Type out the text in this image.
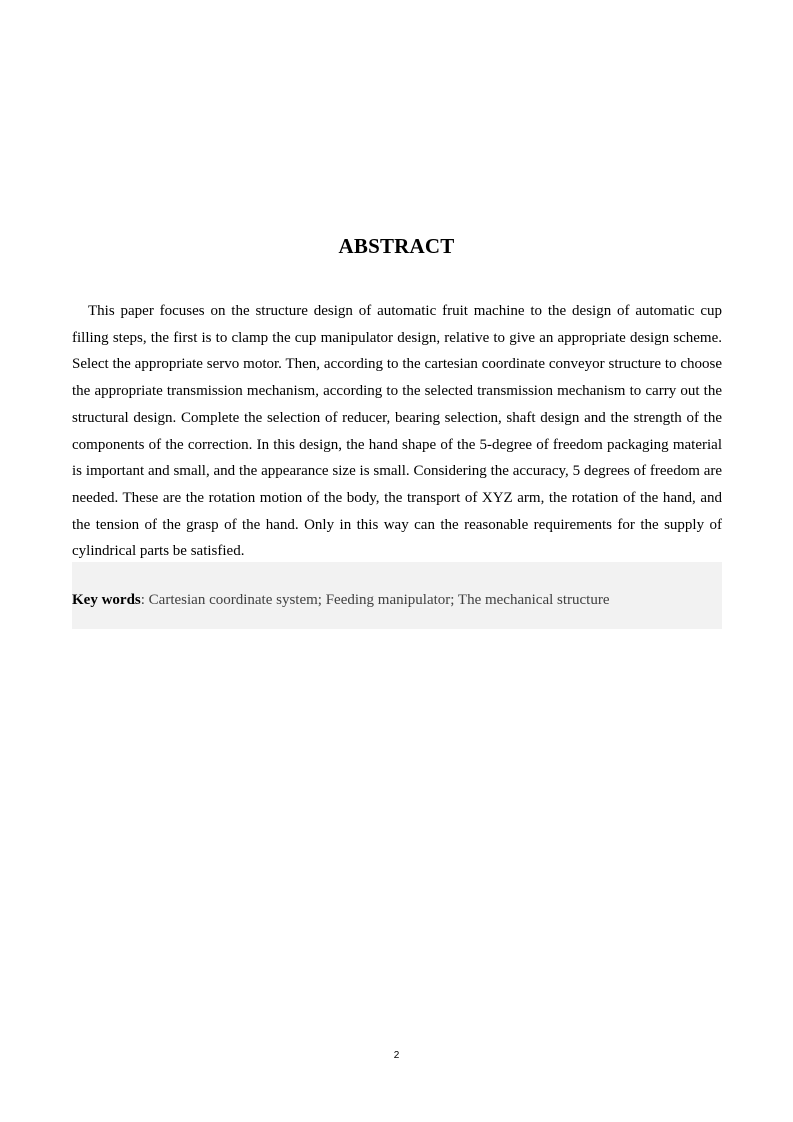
ABSTRACT

This paper focuses on the structure design of automatic fruit machine to the design of automatic cup filling steps, the first is to clamp the cup manipulator design, relative to give an appropriate design scheme. Select the appropriate servo motor. Then, according to the cartesian coordinate conveyor structure to choose the appropriate transmission mechanism, according to the selected transmission mechanism to carry out the structural design. Complete the selection of reducer, bearing selection, shaft design and the strength of the components of the correction. In this design, the hand shape of the 5-degree of freedom packaging material is important and small, and the appearance size is small. Considering the accuracy, 5 degrees of freedom are needed. These are the rotation motion of the body, the transport of XYZ arm, the rotation of the hand, and the tension of the grasp of the hand. Only in this way can the reasonable requirements for the supply of cylindrical parts be satisfied.

Key words: Cartesian coordinate system; Feeding manipulator; The mechanical structure
2
